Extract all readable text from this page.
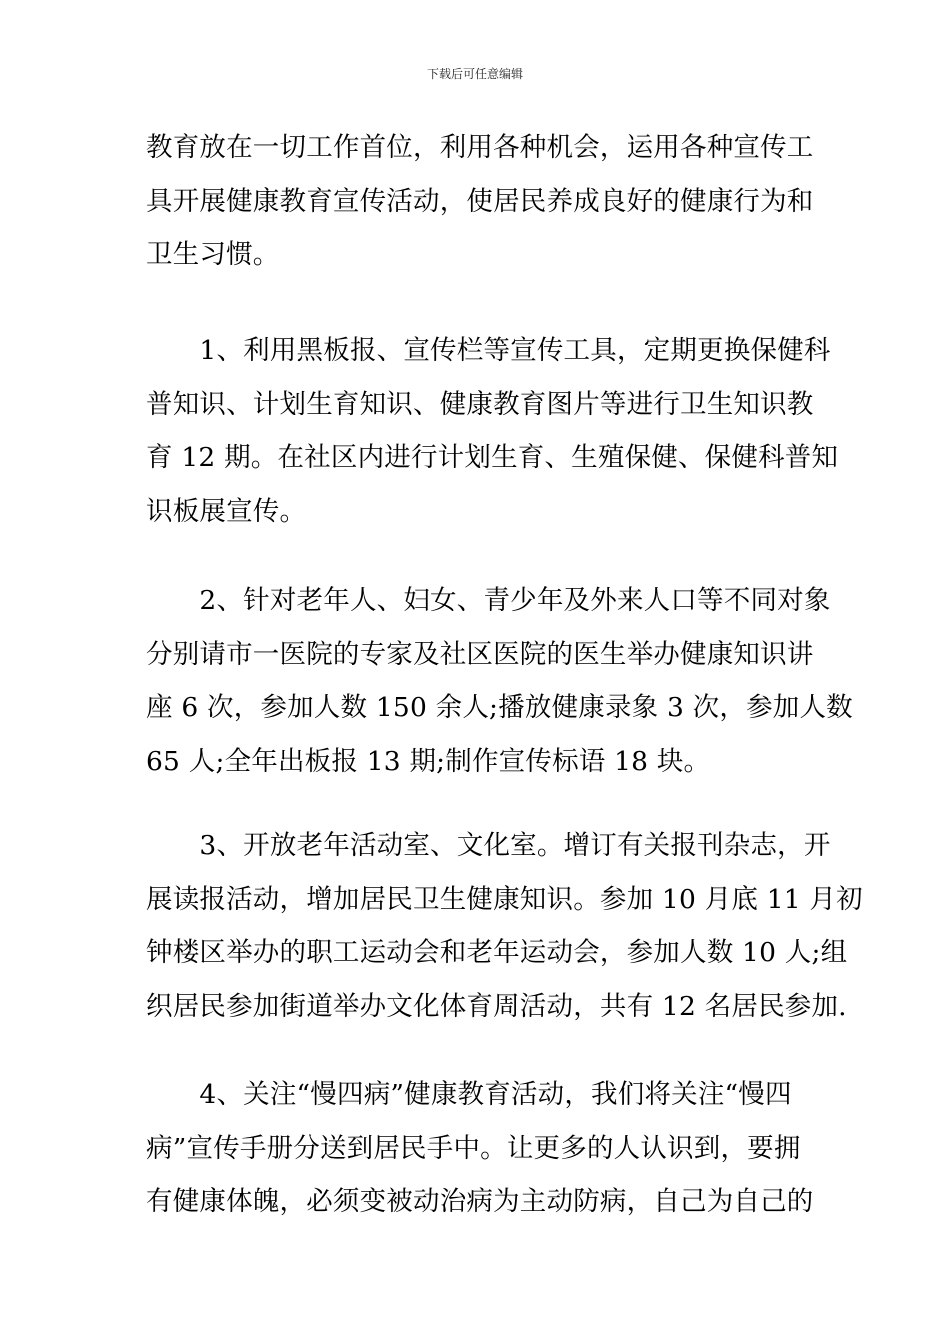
下载后可任意编辑
教育放在一切工作首位，利用各种机会，运用各种宣传工
具开展健康教育宣传活动，使居民养成良好的健康行为和
卫生习惯。
　　1、利用黑板报、宣传栏等宣传工具，定期更换保健科
普知识、计划生育知识、健康教育图片等进行卫生知识教
育 12 期。在社区内进行计划生育、生殖保健、保健科普知
识板展宣传。
　　2、针对老年人、妇女、青少年及外来人口等不同对象
分别请市一医院的专家及社区医院的医生举办健康知识讲
座 6 次，参加人数 150 余人;播放健康录象 3 次，参加人数
65 人;全年出板报 13 期;制作宣传标语 18 块。
　　3、开放老年活动室、文化室。增订有关报刊杂志，开
展读报活动，增加居民卫生健康知识。参加 10 月底 11 月初
钟楼区举办的职工运动会和老年运动会，参加人数 10 人;组
织居民参加街道举办文化体育周活动，共有 12 名居民参加.
　　4、关注“慢四病”健康教育活动，我们将关注“慢四
病”宣传手册分送到居民手中。让更多的人认识到，要拥
有健康体魄，必须变被动治病为主动防病，自己为自己的
